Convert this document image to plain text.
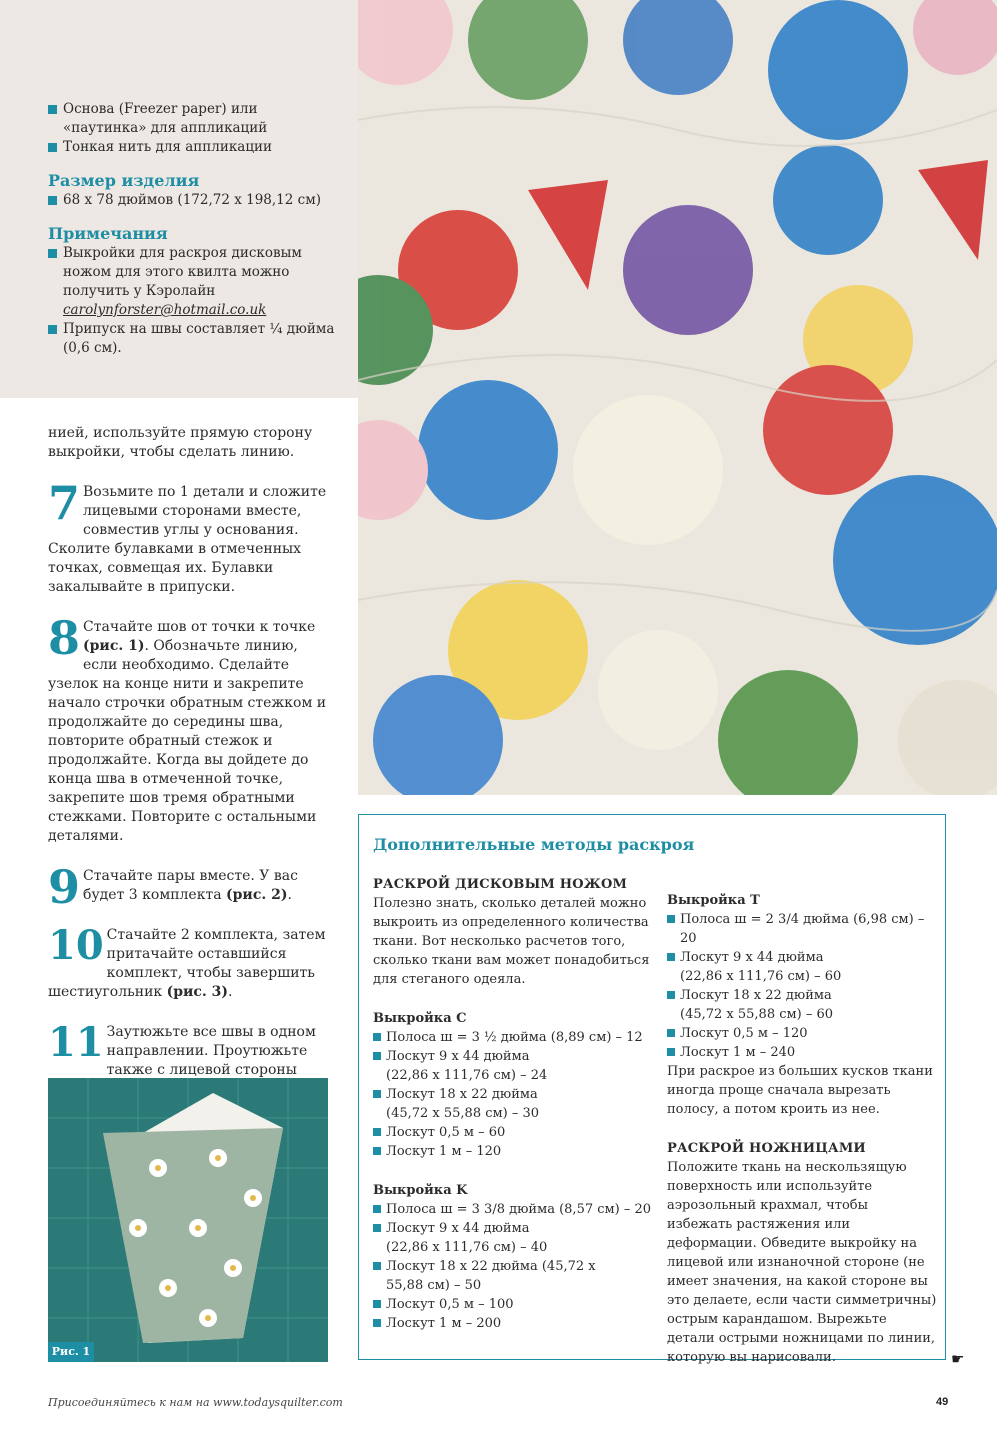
Основа (Freezer paper) или «паутинка» для аппликаций
Тонкая нить для аппликации
Размер изделия
68 x 78 дюймов (172,72 x 198,12 см)
Примечания
Выкройки для раскроя дисковым ножом для этого квилта можно получить у Кэролайн
carolynforster@hotmail.co.uk
Припуск на швы составляет ¼ дюйма (0,6 см).
нией, используйте прямую сторону выкройки, чтобы сделать линию.
7 Возьмите по 1 детали и сложите лицевыми сторонами вместе, совместив углы у основания. Сколите булавками в отмеченных точках, совмещая их. Булавки закалывайте в припуски.
8 Стачайте шов от точки к точке (рис. 1). Обозначьте линию, если необходимо. Сделайте узелок на конце нити и закрепите начало строчки обратным стежком и продолжайте до середины шва, повторите обратный стежок и продолжайте. Когда вы дойдете до конца шва в отмеченной точке, закрепите шов тремя обратными стежками. Повторите с остальными деталями.
9 Стачайте пары вместе. У вас будет 3 комплекта (рис. 2).
10 Стачайте 2 комплекта, затем притачайте оставшийся комплект, чтобы завершить шестиугольник (рис. 3).
11 Заутюжьте все швы в одном направлении. Проутюжьте также с лицевой стороны
Рис. 1
Дополнительные методы раскроя
РАСКРОЙ ДИСКОВЫМ НОЖОМ
Полезно знать, сколько деталей можно выкроить из определенного количества ткани. Вот несколько расчетов того, сколько ткани вам может понадобиться для стеганого одеяла.
Выкройка C
Полоса ш = 3 ½ дюйма (8,89 см) – 12
Лоскут 9 x 44 дюйма
(22,86 x 111,76 см) – 24
Лоскут 18 x 22 дюйма
(45,72 x 55,88 см) – 30
Лоскут 0,5 м – 60
Лоскут 1 м – 120
Выкройка K
Полоса ш = 3 3/8 дюйма (8,57 см) – 20
Лоскут 9 x 44 дюйма
(22,86 x 111,76 см) – 40
Лоскут 18 x 22 дюйма (45,72 x
55,88 см) – 50
Лоскут 0,5 м – 100
Лоскут 1 м – 200
Выкройка T
Полоса ш = 2 3/4 дюйма (6,98 см) – 20
Лоскут 9 x 44 дюйма
(22,86 x 111,76 см) – 60
Лоскут 18 x 22 дюйма
(45,72 x 55,88 см) – 60
Лоскут 0,5 м – 120
Лоскут 1 м – 240
При раскрое из больших кусков ткани иногда проще сначала вырезать полосу, а потом кроить из нее.
РАСКРОЙ НОЖНИЦАМИ
Положите ткань на нескользящую поверхность или используйте аэрозольный крахмал, чтобы избежать растяжения или деформации. Обведите выкройку на лицевой или изнаночной стороне (не имеет значения, на какой стороне вы это делаете, если части симметричны) острым карандашом. Вырежьте детали острыми ножницами по линии, которую вы нарисовали.	☛
Присоединяйтесь к нам на www.todaysquilter.com	49
